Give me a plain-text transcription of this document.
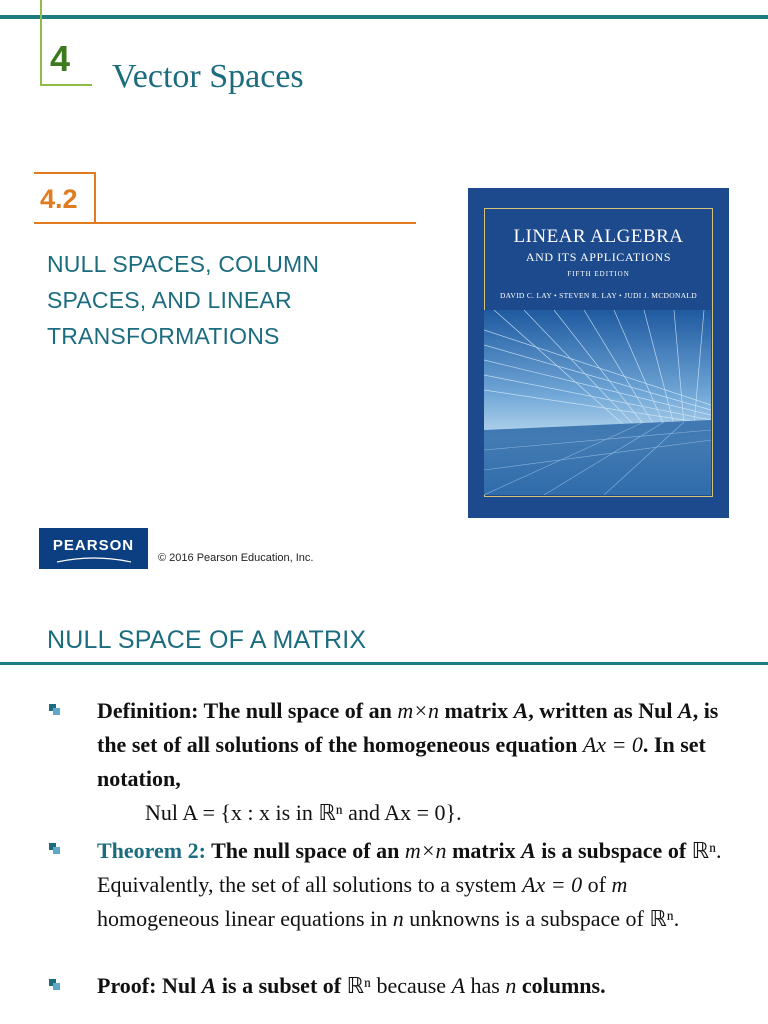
4 Vector Spaces
4.2
NULL SPACES, COLUMN
SPACES, AND LINEAR
TRANSFORMATIONS
LINEAR ALGEBRA
AND ITS APPLICATIONS
FIFTH EDITION
DAVID C. LAY • STEVEN R. LAY • JUDI J. MCDONALD
PEARSON
© 2016 Pearson Education, Inc.
NULL SPACE OF A MATRIX
Definition: The null space of an m×n matrix A, written as Nul A, is the set of all solutions of the homogeneous equation Ax = 0. In set notation,
Nul A = {x : x is in ℝⁿ and Ax = 0}.
Theorem 2: The null space of an m×n matrix A is a subspace of ℝⁿ. Equivalently, the set of all solutions to a system Ax = 0 of m homogeneous linear equations in n unknowns is a subspace of ℝⁿ.
Proof: Nul A is a subset of ℝⁿ because A has n columns.
